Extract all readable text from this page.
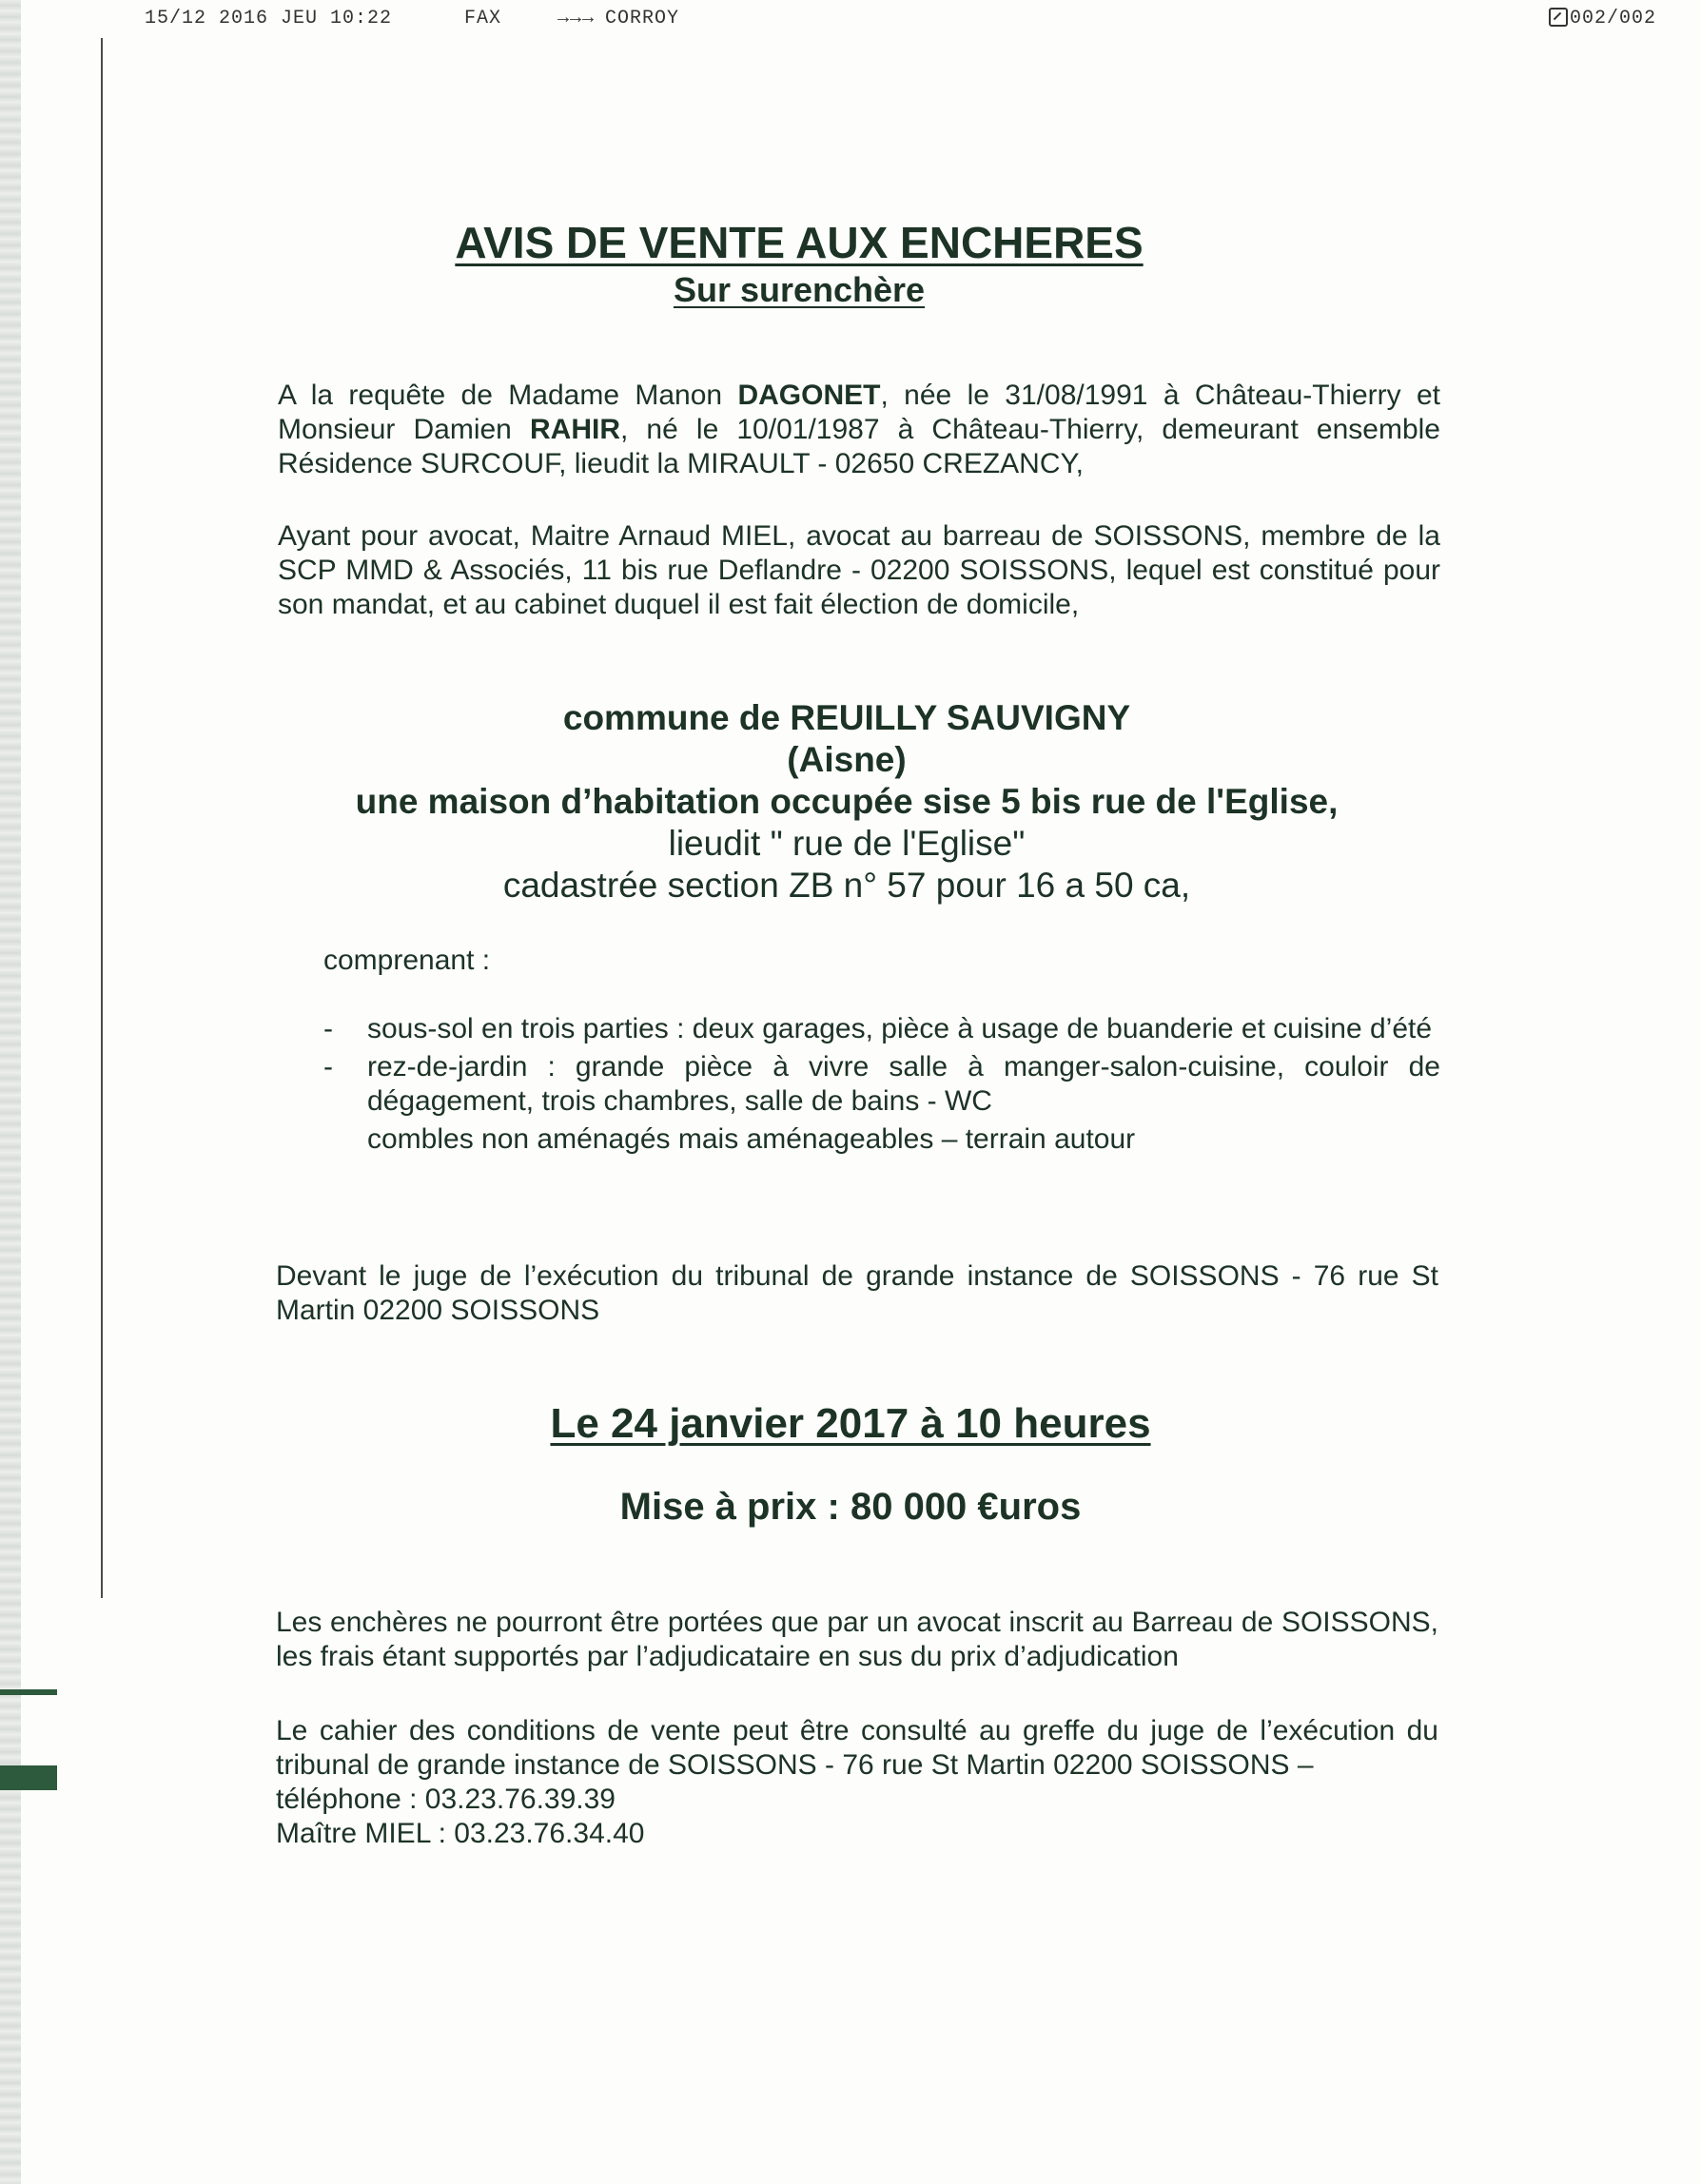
15/12 2016 JEU 10:22	FAX	→→→ CORROY	002/002
AVIS DE VENTE AUX ENCHERES
Sur surenchère
A la requête de Madame Manon DAGONET, née le 31/08/1991 à Château-Thierry et Monsieur Damien RAHIR, né le 10/01/1987 à Château-Thierry, demeurant ensemble Résidence SURCOUF, lieudit la MIRAULT - 02650 CREZANCY,
Ayant pour avocat, Maitre Arnaud MIEL, avocat au barreau de SOISSONS, membre de la SCP MMD & Associés, 11 bis rue Deflandre - 02200 SOISSONS, lequel est constitué pour son mandat, et au cabinet duquel il est fait élection de domicile,
commune de REUILLY SAUVIGNY
(Aisne)
une maison d’habitation occupée sise 5 bis rue de l'Eglise,
lieudit " rue de l'Eglise"
cadastrée section ZB n° 57 pour 16 a 50 ca,
comprenant :
- sous-sol en trois parties : deux garages, pièce à usage de buanderie et cuisine d’été
- rez-de-jardin : grande pièce à vivre salle à manger-salon-cuisine, couloir de dégagement, trois chambres, salle de bains - WC
combles non aménagés mais aménageables – terrain autour
Devant le juge de l’exécution du tribunal de grande instance de SOISSONS - 76 rue St Martin 02200 SOISSONS
Le 24 janvier 2017 à 10 heures
Mise à prix : 80 000 €uros
Les enchères ne pourront être portées que par un avocat inscrit au Barreau de SOISSONS, les frais étant supportés par l’adjudicataire en sus du prix d’adjudication
Le cahier des conditions de vente peut être consulté au greffe du juge de l’exécution du tribunal de grande instance de SOISSONS - 76 rue St Martin 02200 SOISSONS –
téléphone : 03.23.76.39.39
Maître MIEL : 03.23.76.34.40
